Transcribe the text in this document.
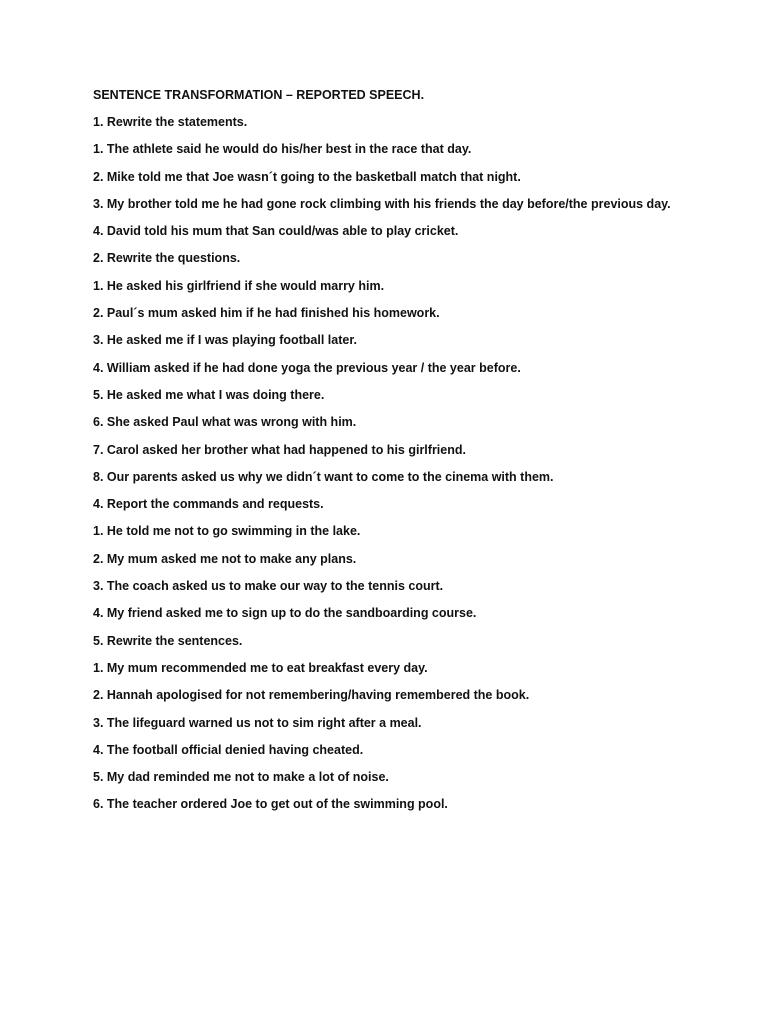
SENTENCE TRANSFORMATION – REPORTED SPEECH.
1. Rewrite the statements.
1. The athlete said he would do his/her best in the race that day.
2. Mike told me that Joe wasn´t going to the basketball match that night.
3. My brother told me he had gone rock climbing with his friends the day before/the previous day.
4. David told his mum that San could/was able to play cricket.
2. Rewrite the questions.
1. He asked his girlfriend if she would marry him.
2. Paul´s mum asked him if he had finished his homework.
3. He asked me if I was playing football later.
4. William asked if he had done yoga the previous year / the year before.
5. He asked me what I was doing there.
6. She asked Paul what was wrong with him.
7. Carol asked her brother what had happened to his girlfriend.
8. Our parents asked us why we didn´t want to come to the cinema with them.
4. Report the commands and requests.
1. He told me not to go swimming in the lake.
2. My mum asked me not to make any plans.
3. The coach asked us to make our way to the tennis court.
4. My friend asked me to sign up to do the sandboarding course.
5. Rewrite the sentences.
1. My mum recommended me to eat breakfast every day.
2. Hannah apologised for not remembering/having remembered the book.
3. The lifeguard warned us not to sim right after a meal.
4. The football official denied having cheated.
5. My dad reminded me not to make a lot of noise.
6. The teacher ordered Joe to get out of the swimming pool.
